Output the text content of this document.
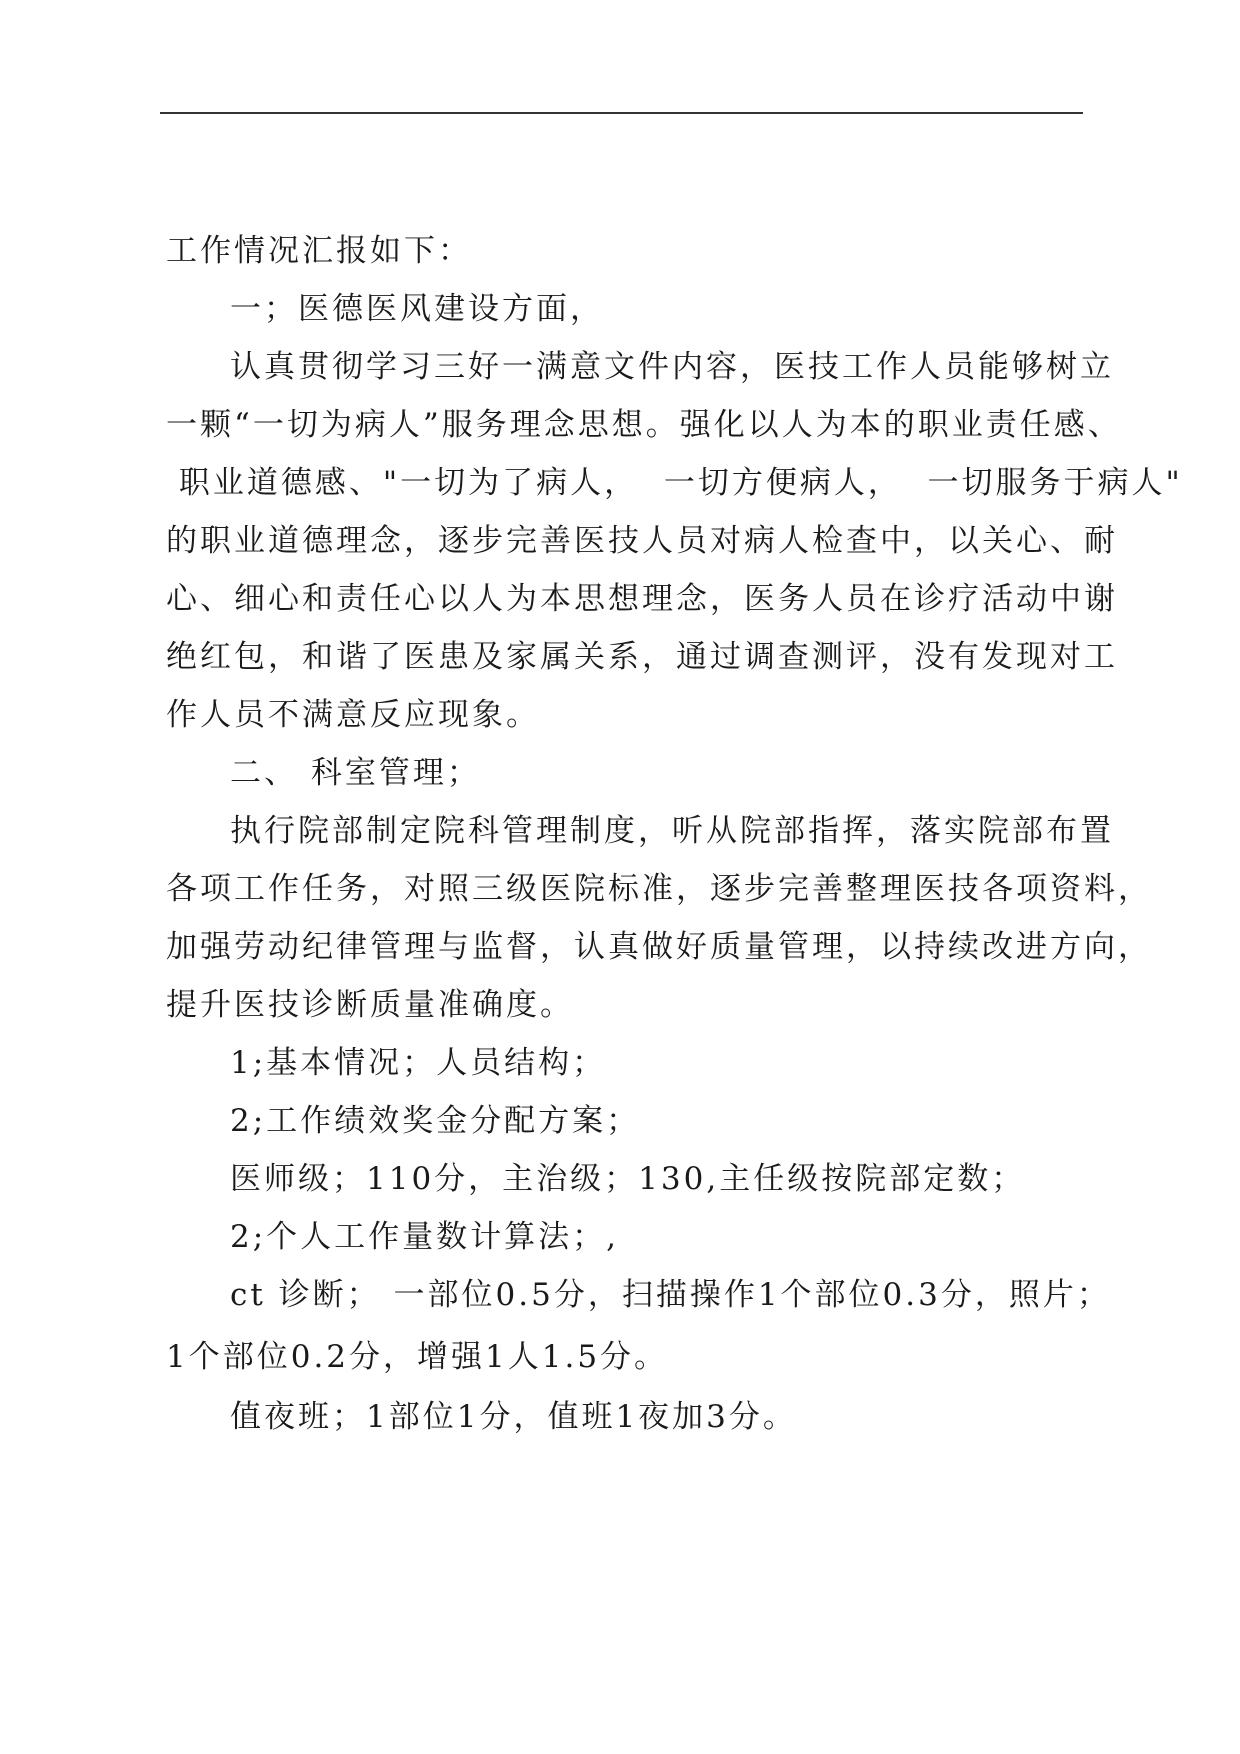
工作情况汇报如下：

一；医德医风建设方面，

认真贯彻学习三好一满意文件内容，医技工作人员能够树立
一颗“一切为病人”服务理念思想。强化以人为本的职业责任感、
职业道德感、"一切为了病人，  一切方便病人，  一切服务于病人"
的职业道德理念，逐步完善医技人员对病人检查中，以关心、耐
心、细心和责任心以人为本思想理念，医务人员在诊疗活动中谢
绝红包，和谐了医患及家属关系，通过调查测评，没有发现对工
作人员不满意反应现象。

二、 科室管理；

执行院部制定院科管理制度，听从院部指挥，落实院部布置
各项工作任务，对照三级医院标准，逐步完善整理医技各项资料，
加强劳动纪律管理与监督，认真做好质量管理，以持续改进方向，
提升医技诊断质量准确度。

1;基本情况；人员结构；

2;工作绩效奖金分配方案；

医师级；110分，主治级；130,主任级按院部定数；

2;个人工作量数计算法；,

ct 诊断； 一部位0.5分，扫描操作1个部位0.3分，照片；

1个部位0.2分，增强1人1.5分。

值夜班；1部位1分，值班1夜加3分。
